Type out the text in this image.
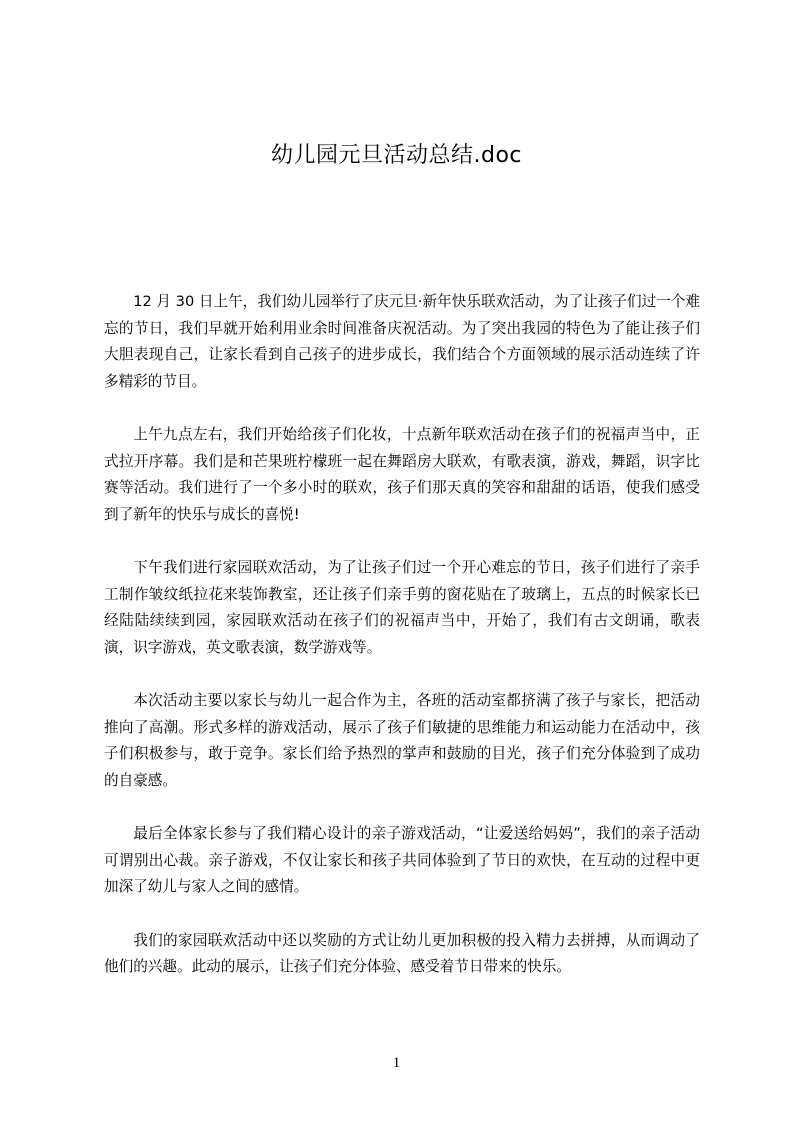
幼儿园元旦活动总结.doc

12 月 30 日上午，我们幼儿园举行了庆元旦·新年快乐联欢活动，为了让孩子们过一个难忘的节日，我们早就开始利用业余时间准备庆祝活动。为了突出我园的特色为了能让孩子们大胆表现自己，让家长看到自己孩子的进步成长，我们结合个方面领域的展示活动连续了许多精彩的节目。

上午九点左右，我们开始给孩子们化妆，十点新年联欢活动在孩子们的祝福声当中，正式拉开序幕。我们是和芒果班柠檬班一起在舞蹈房大联欢，有歌表演，游戏，舞蹈，识字比赛等活动。我们进行了一个多小时的联欢，孩子们那天真的笑容和甜甜的话语，使我们感受到了新年的快乐与成长的喜悦!

下午我们进行家园联欢活动，为了让孩子们过一个开心难忘的节日，孩子们进行了亲手工制作皱纹纸拉花来装饰教室，还让孩子们亲手剪的窗花贴在了玻璃上，五点的时候家长已经陆陆续续到园，家园联欢活动在孩子们的祝福声当中，开始了，我们有古文朗诵，歌表演，识字游戏，英文歌表演，数学游戏等。

本次活动主要以家长与幼儿一起合作为主，各班的活动室都挤满了孩子与家长，把活动推向了高潮。形式多样的游戏活动，展示了孩子们敏捷的思维能力和运动能力在活动中，孩子们积极参与，敢于竞争。家长们给予热烈的掌声和鼓励的目光，孩子们充分体验到了成功的自豪感。

最后全体家长参与了我们精心设计的亲子游戏活动，“让爱送给妈妈”，我们的亲子活动可谓别出心裁。亲子游戏，不仅让家长和孩子共同体验到了节日的欢快，在互动的过程中更加深了幼儿与家人之间的感情。

我们的家园联欢活动中还以奖励的方式让幼儿更加积极的投入精力去拼搏，从而调动了他们的兴趣。此动的展示，让孩子们充分体验、感受着节日带来的快乐。

1
